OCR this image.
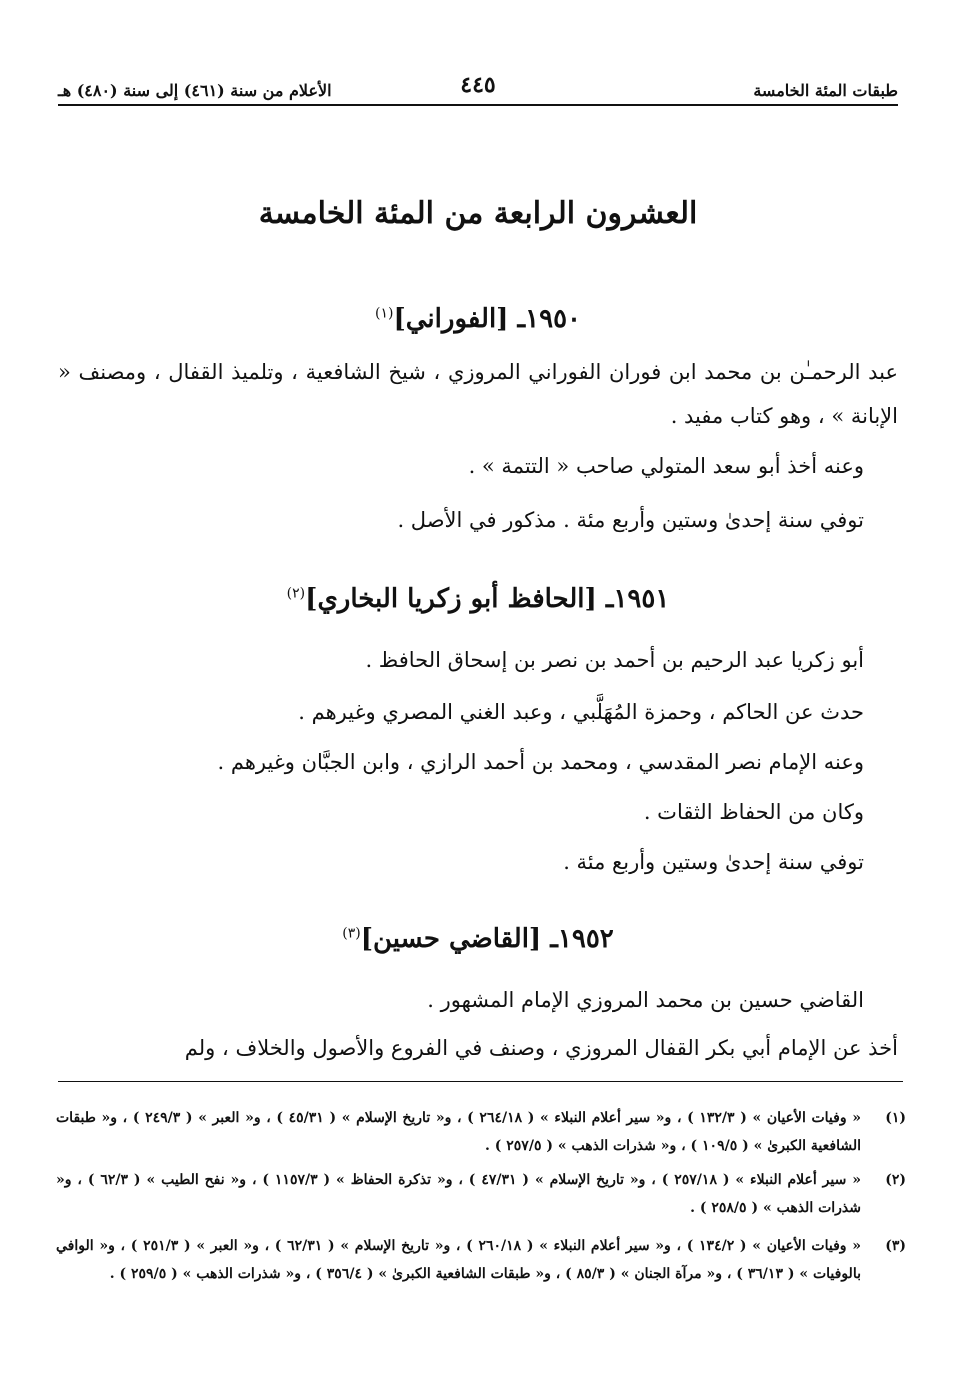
طبقات المئة الخامسة
٤٤٥
الأعلام من سنة (٤٦١) إلى سنة (٤٨٠) هـ
العشرون الرابعة من المئة الخامسة
١٩٥٠ـ [الفوراني]$^{(١)}$
عبد الرحمـٰن بن محمد ابن فوران الفوراني المروزي ، شيخ الشافعية ، وتلميذ القفال ، ومصنف « الإبانة » ، وهو كتاب مفيد .
وعنه أخذ أبو سعد المتولي صاحب « التتمة » .
توفي سنة إحدىٰ وستين وأربع مئة . مذكور في الأصل .
١٩٥١ـ [الحافظ أبو زكريا البخاري]$^{(٢)}$
أبو زكريا عبد الرحيم بن أحمد بن نصر بن إسحاق الحافظ .
حدث عن الحاكم ، وحمزة المُهَلَّبي ، وعبد الغني المصري وغيرهم .
وعنه الإمام نصر المقدسي ، ومحمد بن أحمد الرازي ، وابن الجبَّان وغيرهم .
وكان من الحفاظ الثقات .
توفي سنة إحدىٰ وستين وأربع مئة .
١٩٥٢ـ [القاضي حسين]$^{(٣)}$
القاضي حسين بن محمد المروزي الإمام المشهور .
أخذ عن الإمام أبي بكر القفال المروزي ، وصنف في الفروع والأصول والخلاف ، ولم
(١)
« وفيات الأعيان » ( ١٣٢/٣ ) ، و« سير أعلام النبلاء » ( ٢٦٤/١٨ ) ، و« تاريخ الإسلام » ( ٤٥/٣١ ) ، و« العبر » ( ٢٤٩/٣ ) ، و« طبقات الشافعية الكبرىٰ » ( ١٠٩/٥ ) ، و« شذرات الذهب » ( ٢٥٧/٥ ) .
(٢)
« سير أعلام النبلاء » ( ٢٥٧/١٨ ) ، و« تاريخ الإسلام » ( ٤٧/٣١ ) ، و« تذكرة الحفاظ » ( ١١٥٧/٣ ) ، و« نفح الطيب » ( ٦٢/٣ ) ، و« شذرات الذهب » ( ٢٥٨/٥ ) .
(٣)
« وفيات الأعيان » ( ١٣٤/٢ ) ، و« سير أعلام النبلاء » ( ٢٦٠/١٨ ) ، و« تاريخ الإسلام » ( ٦٢/٣١ ) ، و« العبر » ( ٢٥١/٣ ) ، و« الوافي بالوفيات » ( ٣٦/١٣ ) ، و« مرآة الجنان » ( ٨٥/٣ ) ، و« طبقات الشافعية الكبرىٰ » ( ٣٥٦/٤ ) ، و« شذرات الذهب » ( ٢٥٩/٥ ) .
